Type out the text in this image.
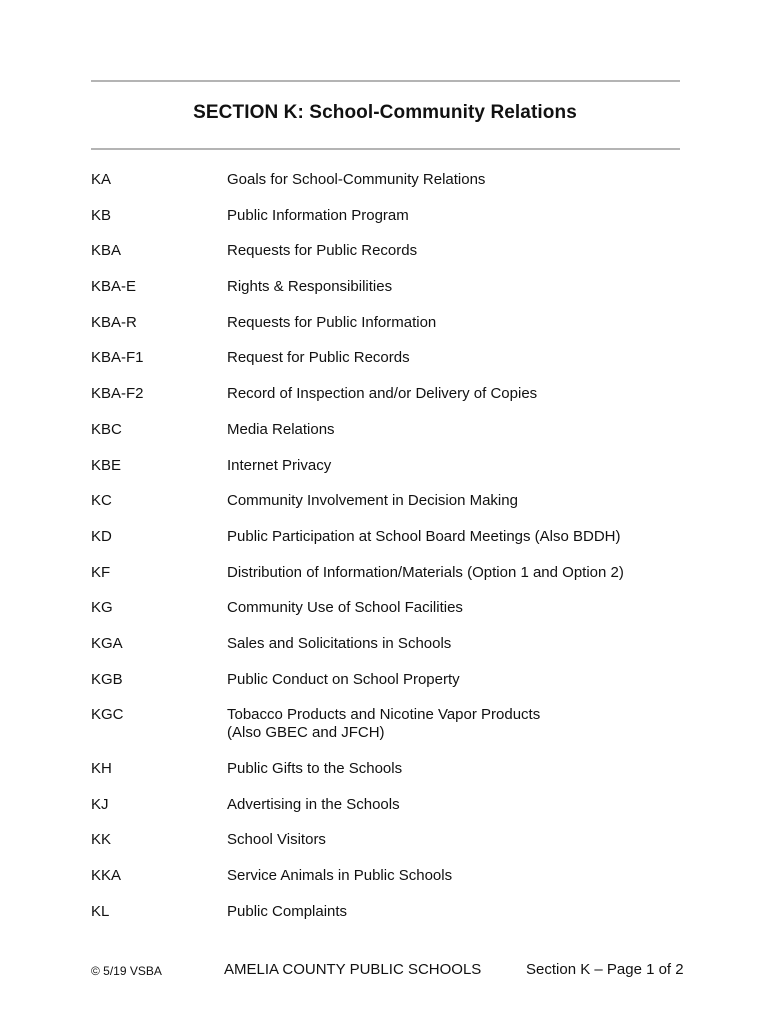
SECTION K: School-Community Relations
KA	Goals for School-Community Relations
KB	Public Information Program
KBA	Requests for Public Records
KBA-E	Rights & Responsibilities
KBA-R	Requests for Public Information
KBA-F1	Request for Public Records
KBA-F2	Record of Inspection and/or Delivery of Copies
KBC	Media Relations
KBE	Internet Privacy
KC	Community Involvement in Decision Making
KD	Public Participation at School Board Meetings (Also BDDH)
KF	Distribution of Information/Materials (Option 1 and Option 2)
KG	Community Use of School Facilities
KGA	Sales and Solicitations in Schools
KGB	Public Conduct on School Property
KGC	Tobacco Products and Nicotine Vapor Products
(Also GBEC and JFCH)
KH	Public Gifts to the Schools
KJ	Advertising in the Schools
KK	School Visitors
KKA	Service Animals in Public Schools
KL	Public Complaints
© 5/19 VSBA	AMELIA COUNTY PUBLIC SCHOOLS	Section K – Page 1 of 2
